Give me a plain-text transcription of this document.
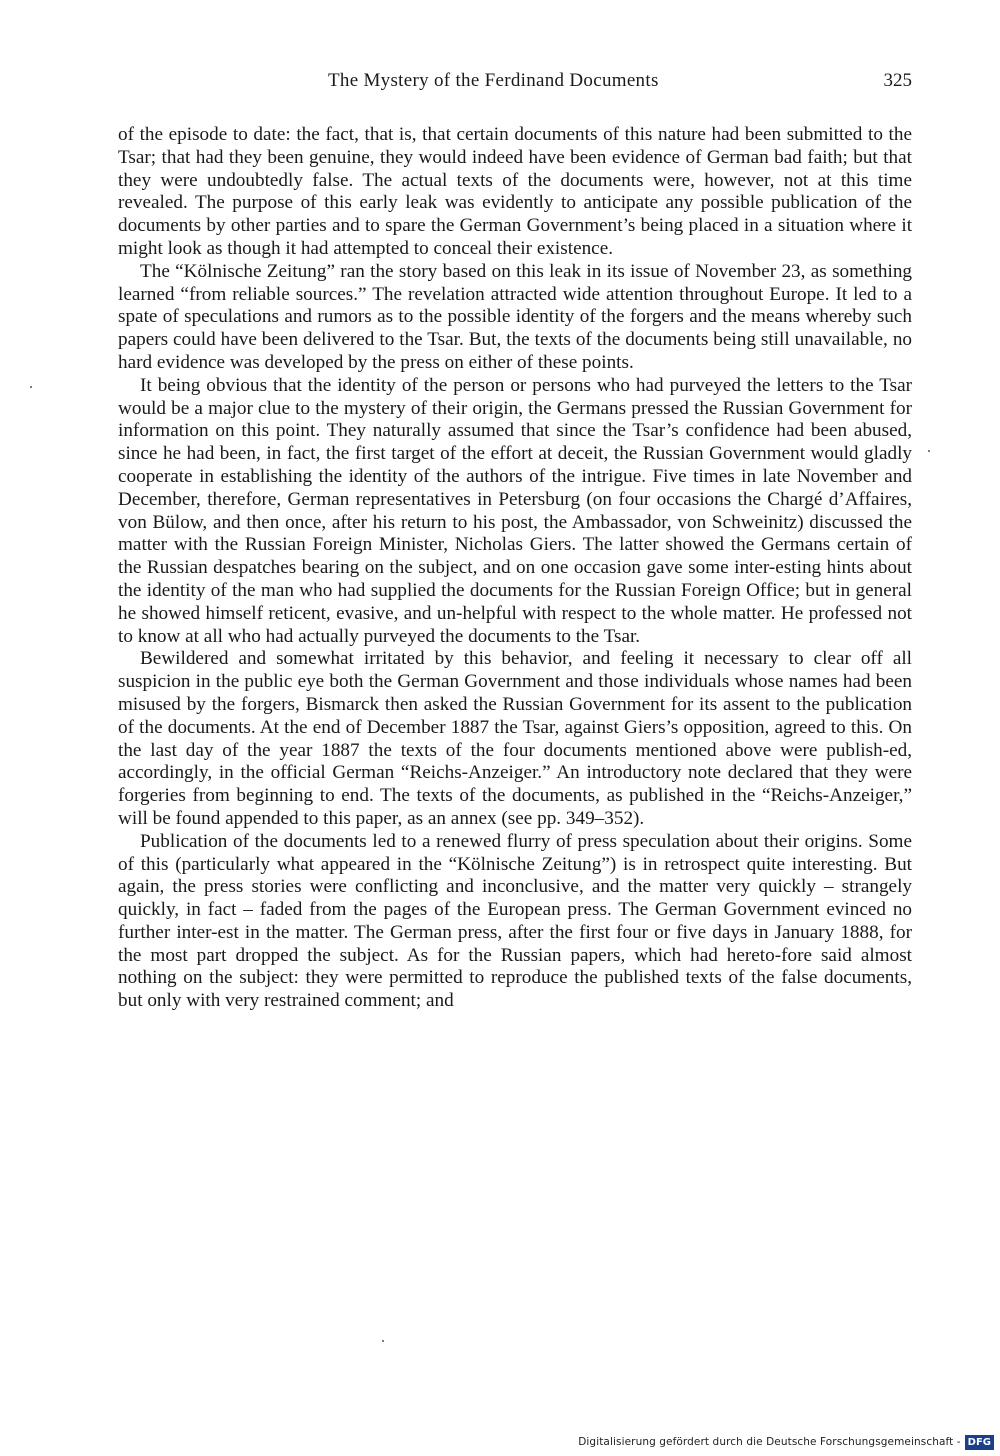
The Mystery of the Ferdinand Documents	325

of the episode to date: the fact, that is, that certain documents of this nature had been submitted to the Tsar; that had they been genuine, they would indeed have been evidence of German bad faith; but that they were undoubtedly false. The actual texts of the documents were, however, not at this time revealed. The purpose of this early leak was evidently to anticipate any possible publication of the documents by other parties and to spare the German Government’s being placed in a situation where it might look as though it had attempted to conceal their existence.

The “Kölnische Zeitung” ran the story based on this leak in its issue of November 23, as something learned “from reliable sources.” The revelation attracted wide attention throughout Europe. It led to a spate of speculations and rumors as to the possible identity of the forgers and the means whereby such papers could have been delivered to the Tsar. But, the texts of the documents being still unavailable, no hard evidence was developed by the press on either of these points.

It being obvious that the identity of the person or persons who had purveyed the letters to the Tsar would be a major clue to the mystery of their origin, the Germans pressed the Russian Government for information on this point. They naturally assumed that since the Tsar’s confidence had been abused, since he had been, in fact, the first target of the effort at deceit, the Russian Government would gladly cooperate in establishing the identity of the authors of the intrigue. Five times in late November and December, therefore, German representatives in Petersburg (on four occasions the Chargé d’Affaires, von Bülow, and then once, after his return to his post, the Ambassador, von Schweinitz) discussed the matter with the Russian Foreign Minister, Nicholas Giers. The latter showed the Germans certain of the Russian despatches bearing on the subject, and on one occasion gave some inter-esting hints about the identity of the man who had supplied the documents for the Russian Foreign Office; but in general he showed himself reticent, evasive, and un-helpful with respect to the whole matter. He professed not to know at all who had actually purveyed the documents to the Tsar.

Bewildered and somewhat irritated by this behavior, and feeling it necessary to clear off all suspicion in the public eye both the German Government and those individuals whose names had been misused by the forgers, Bismarck then asked the Russian Government for its assent to the publication of the documents. At the end of December 1887 the Tsar, against Giers’s opposition, agreed to this. On the last day of the year 1887 the texts of the four documents mentioned above were publish-ed, accordingly, in the official German “Reichs-Anzeiger.” An introductory note declared that they were forgeries from beginning to end. The texts of the documents, as published in the “Reichs-Anzeiger,” will be found appended to this paper, as an annex (see pp. 349–352).

Publication of the documents led to a renewed flurry of press speculation about their origins. Some of this (particularly what appeared in the “Kölnische Zeitung”) is in retrospect quite interesting. But again, the press stories were conflicting and inconclusive, and the matter very quickly – strangely quickly, in fact – faded from the pages of the European press. The German Government evinced no further inter-est in the matter. The German press, after the first four or five days in January 1888, for the most part dropped the subject. As for the Russian papers, which had hereto-fore said almost nothing on the subject: they were permitted to reproduce the published texts of the false documents, but only with very restrained comment; and

Digitalisierung gefördert durch die Deutsche Forschungsgemeinschaft - DFG
